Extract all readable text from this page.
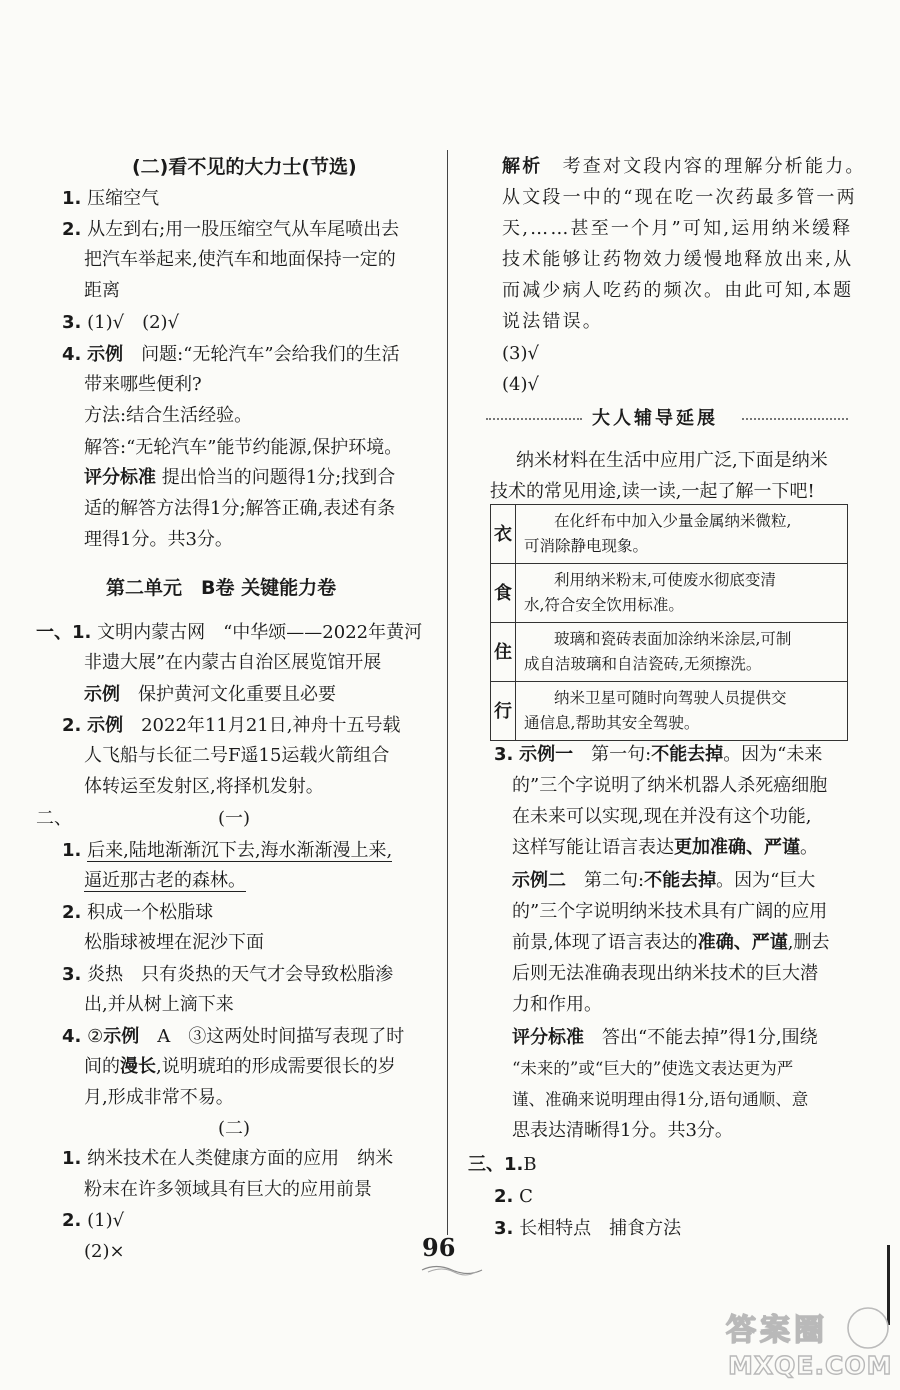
(二)看不见的大力士(节选)
1. 压缩空气
2. 从左到右;用一股压缩空气从车尾喷出去
把汽车举起来,使汽车和地面保持一定的
距离
3. (1)√　(2)√
4. 示例　 问题:“无轮汽车”会给我们的生活
带来哪些便利?
方法:结合生活经验。
解答:“无轮汽车”能节约能源,保护环境。
评分标准 提出恰当的问题得1分;找到合
适的解答方法得1分;解答正确,表述有条
理得1分。共3分。
第二单元　B卷 关键能力卷
一、1. 文明内蒙古网　“中华颂——2022年黄河
非遗大展”在内蒙古自治区展览馆开展
示例　 保护黄河文化重要且必要
2. 示例　 2022年11月21日,神舟十五号载
人飞船与长征二号F遥15运载火箭组合
体转运至发射区,将择机发射。
二、	(一)
1. 后来,陆地渐渐沉下去,海水渐渐漫上来,
逼近那古老的森林。
2. 积成一个松脂球
松脂球被埋在泥沙下面
3. 炎热　只有炎热的天气才会导致松脂渗
出,并从树上滴下来
4. ②示例　 A　③这两处时间描写表现了时
间的漫长,说明琥珀的形成需要很长的岁
月,形成非常不易。
(二)
1. 纳米技术在人类健康方面的应用　纳米
粉末在许多领域具有巨大的应用前景
2. (1)√
(2)×
解析　 考查对文段内容的理解分析能力。
从文段一中的“现在吃一次药最多管一两
天,……甚至一个月”可知,运用纳米缓释
技术能够让药物效力缓慢地释放出来,从
而减少病人吃药的频次。由此可知,本题
说法错误。
(3)√
(4)√
纳米材料在生活中应用广泛,下面是纳米
技术的常见用途,读一读,一起了解一下吧!
大人辅导延展
衣	在化纤布中加入少量金属纳米微粒,
可消除静电现象。
食	利用纳米粉末,可使废水彻底变清
水,符合安全饮用标准。
住	玻璃和瓷砖表面加涂纳米涂层,可制
成自洁玻璃和自洁瓷砖,无须擦洗。
行	纳米卫星可随时向驾驶人员提供交
通信息,帮助其安全驾驶。
3. 示例一　 第一句:不能去掉。因为“未来
的”三个字说明了纳米机器人杀死癌细胞
在未来可以实现,现在并没有这个功能,
这样写能让语言表达更加准确、严谨。
示例二　 第二句:不能去掉。因为“巨大
的”三个字说明纳米技术具有广阔的应用
前景,体现了语言表达的准确、严谨,删去
后则无法准确表现出纳米技术的巨大潜
力和作用。
评分标准　 答出“不能去掉”得1分,围绕
“未来的”或“巨大的”使选文表达更为严
谨、准确来说明理由得1分,语句通顺、意
思表达清晰得1分。共3分。
三、1.B
2. C
3. 长相特点　捕食方法
96
答案圈
MXQE.COM
